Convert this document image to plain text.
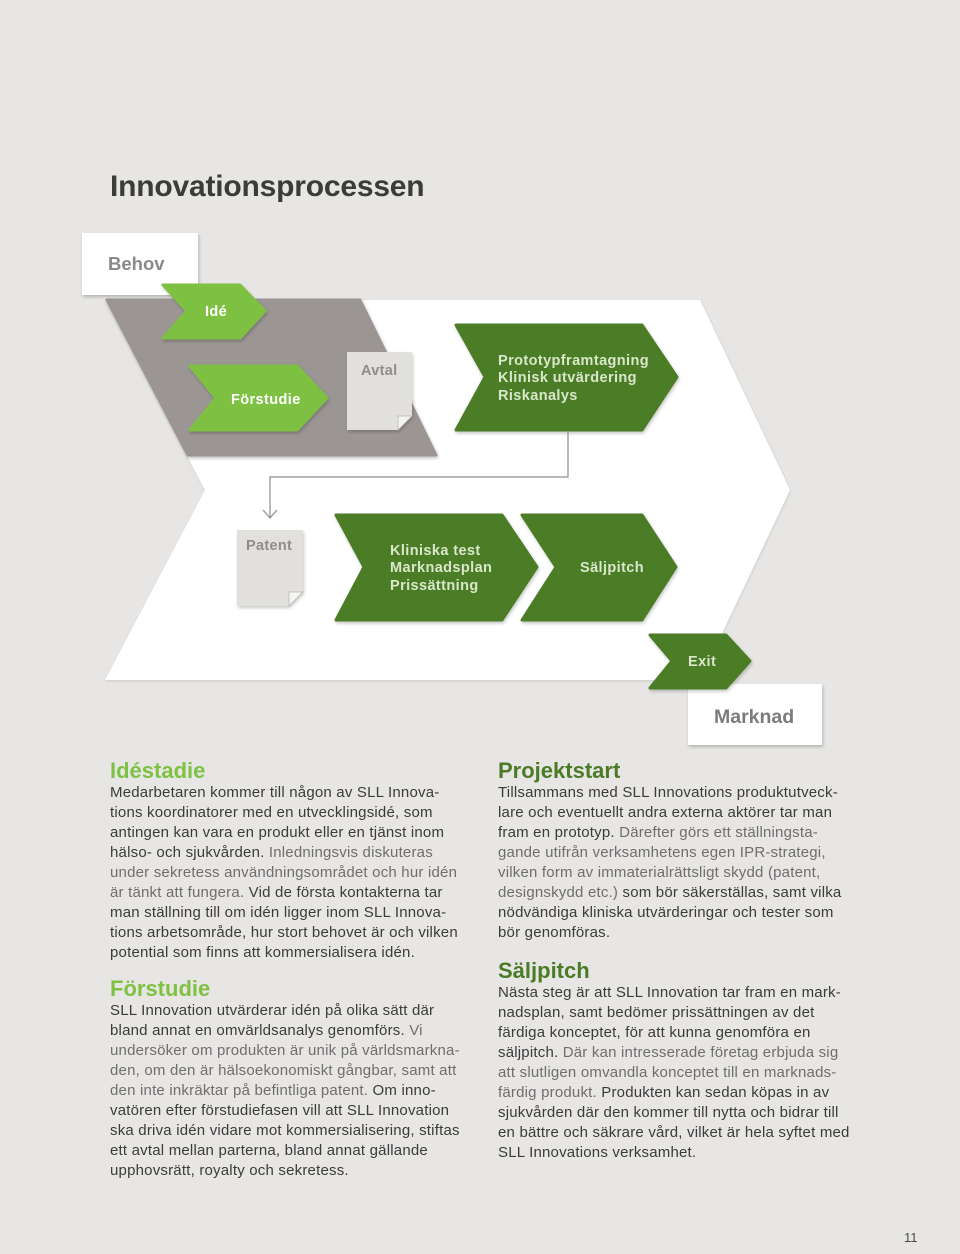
Innovationsprocessen
Behov
Idé
Förstudie
Avtal
Prototypframtagning
Klinisk utvärdering
Riskanalys
Patent	Kliniska test
Marknadsplan
Prissättning
Säljpitch
Marknad
Exit
Idéstadie
Medarbetaren kommer till någon av SLL Innova-
tions koordinatorer med en utvecklingsidé, som
antingen kan vara en produkt eller en tjänst inom
hälso- och sjukvården. Inledningsvis diskuteras
under sekretess användningsområdet och hur idén
är tänkt att fungera. Vid de första kontakterna tar
man ställning till om idén ligger inom SLL Innova-
tions arbetsområde, hur stort behovet är och vilken
potential som finns att kommersialisera idén.
Förstudie
SLL Innovation utvärderar idén på olika sätt där
bland annat en omvärldsanalys genomförs. Vi
undersöker om produkten är unik på världsmarkna-
den, om den är hälsoekonomiskt gångbar, samt att
den inte inkräktar på befintliga patent. Om inno-
vatören efter förstudiefasen vill att SLL Innovation
ska driva idén vidare mot kommersialisering, stiftas
ett avtal mellan parterna, bland annat gällande
upphovsrätt, royalty och sekretess.
Projektstart
Tillsammans med SLL Innovations produktutveck-
lare och eventuellt andra externa aktörer tar man
fram en prototyp. Därefter görs ett ställningsta-
gande utifrån verksamhetens egen IPR-strategi,
vilken form av immaterialrättsligt skydd (patent,
designskydd etc.) som bör säkerställas, samt vilka
nödvändiga kliniska utvärderingar och tester som
bör genomföras.
Säljpitch
Nästa steg är att SLL Innovation tar fram en mark-
nadsplan, samt bedömer prissättningen av det
färdiga konceptet, för att kunna genomföra en
säljpitch. Där kan intresserade företag erbjuda sig
att slutligen omvandla konceptet till en marknads-
färdig produkt. Produkten kan sedan köpas in av
sjukvården där den kommer till nytta och bidrar till
en bättre och säkrare vård, vilket är hela syftet med
SLL Innovations verksamhet.
11
